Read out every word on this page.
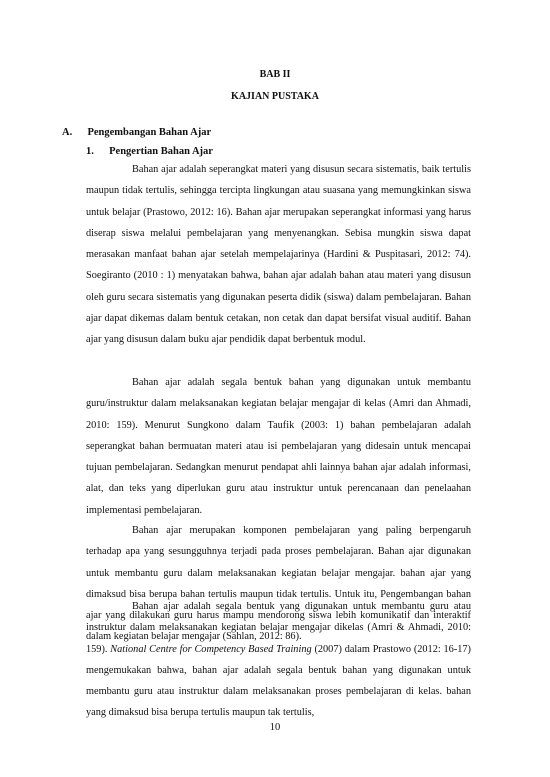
BAB II
KAJIAN PUSTAKA
A. Pengembangan Bahan Ajar
1. Pengertian Bahan Ajar

Bahan ajar adalah seperangkat materi yang disusun secara sistematis, baik tertulis maupun tidak tertulis, sehingga tercipta lingkungan atau suasana yang memungkinkan siswa untuk belajar (Prastowo, 2012: 16). Bahan ajar merupakan seperangkat informasi yang harus diserap siswa melalui pembelajaran yang menyenangkan. Sebisa mungkin siswa dapat merasakan manfaat bahan ajar setelah mempelajarinya (Hardini & Puspitasari, 2012: 74). Soegiranto (2010 : 1) menyatakan bahwa, bahan ajar adalah bahan atau materi yang disusun oleh guru secara sistematis yang digunakan peserta didik (siswa) dalam pembelajaran. Bahan ajar dapat dikemas dalam bentuk cetakan, non cetak dan dapat bersifat visual auditif. Bahan ajar yang disusun dalam buku ajar pendidik dapat berbentuk modul.

Bahan ajar adalah segala bentuk bahan yang digunakan untuk membantu guru/instruktur dalam melaksanakan kegiatan belajar mengajar di kelas (Amri dan Ahmadi, 2010: 159). Menurut Sungkono dalam Taufik (2003: 1) bahan pembelajaran adalah seperangkat bahan bermuatan materi atau isi pembelajaran yang didesain untuk mencapai tujuan pembelajaran. Sedangkan menurut pendapat ahli lainnya bahan ajar adalah informasi, alat, dan teks yang diperlukan guru atau instruktur untuk perencanaan dan penelaahan implementasi pembelajaran.

Bahan ajar merupakan komponen pembelajaran yang paling berpengaruh terhadap apa yang sesungguhnya terjadi pada proses pembelajaran. Bahan ajar digunakan untuk membantu guru dalam melaksanakan kegiatan belajar mengajar. bahan ajar yang dimaksud bisa berupa bahan tertulis maupun tidak tertulis. Untuk itu, Pengembangan bahan ajar yang dilakukan guru harus mampu mendorong siswa lebih komunikatif dan interaktif dalam kegiatan belajar mengajar (Sahlan, 2012: 86).

Bahan ajar adalah segala bentuk yang digunakan untuk membantu guru atau instruktur dalam melaksanakan kegiatan belajar mengajar dikelas (Amri & Ahmadi, 2010: 159). National Centre for Competency Based Training (2007) dalam Prastowo (2012: 16-17) mengemukakan bahwa, bahan ajar adalah segala bentuk bahan yang digunakan untuk membantu guru atau instruktur dalam melaksanakan proses pembelajaran di kelas. bahan yang dimaksud bisa berupa tertulis maupun tak tertulis,

10
